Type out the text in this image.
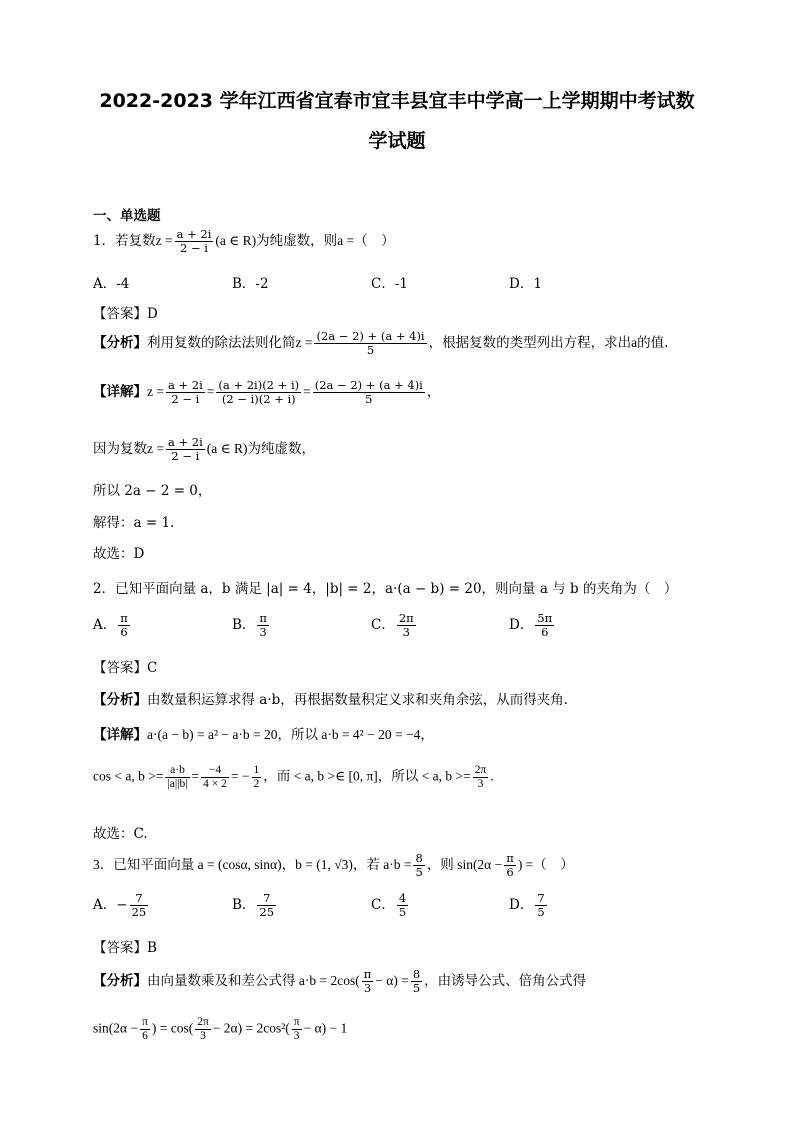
2022-2023 学年江西省宜春市宜丰县宜丰中学高一上学期期中考试数
学试题
一、单选题
1．若复数$z = \frac{a + 2i}{2 - i} (a$ ∈ R)为纯虚数，则a =（　）
A．-4	B．-2	C．-1	D．1
【答案】D
【分析】利用复数的除法法则化简$z = \frac{(2a - 2) + (a + 4)i}{5}$ ，根据复数的类型列出方程，求出a的值.
【详解】$z = \frac{a + 2i}{2 - i} = \frac{(a + 2i)(2 + i)}{(2 - i)(2 + i)} = \frac{(2a - 2) + (a + 4)i}{5}$ ，
因为复数$z = \frac{a + 2i}{2 - i} (a$ ∈ R)为纯虚数，
所以 2a − 2 = 0，
解得：a = 1.
故选：D
2．已知平面向量 a，b 满足 |a| = 4，|b| = 2，a·(a − b) = 20，则向量 a 与 b 的夹角为（　）
A． $\frac{\pi}{6}$	B． $\frac{\pi}{3}$	C． $\frac{2\pi}{3}$	D． $\frac{5\pi}{6}$
【答案】C
【分析】由数量积运算求得 a·b，再根据数量积定义求和夹角余弦，从而得夹角.
【详解】a·(a − b) = a² − a·b = 20，所以 a·b = 4² − 20 = −4，
cos < a, $b >= \frac{a\cdot b}{|a||b|} = \frac{-4}{4 \times 2}$ = − $\frac{1}{2}$ ，而 < a, b >∈ [0, π]，所以 < a, $b >= \frac{2\pi}{3}$ .
故选：C.
3．已知平面向量 a = (cosα, sinα)，b = (1, √3)，若 $a\cdot b = \frac{8}{5}$ ，则 $\sin(2\alpha - \frac{\pi}{6}$ ) =（　）
A．− $\frac{7}{25}$	B． $\frac{7}{25}$	C． $\frac{4}{5}$	D． $\frac{7}{5}$
【答案】B
【分析】由向量数乘及和差公式得 $a\cdot b = 2\cos( \frac{\pi}{3} - \alpha) = \frac{8}{5}$ ，由诱导公式、倍角公式得
$\sin(2\alpha - \frac{\pi}{6}$ ) = $\cos( \frac{2\pi}{3} - 2\alpha) = 2\cos^2( \frac{\pi}{3} - \alpha) - 1$
